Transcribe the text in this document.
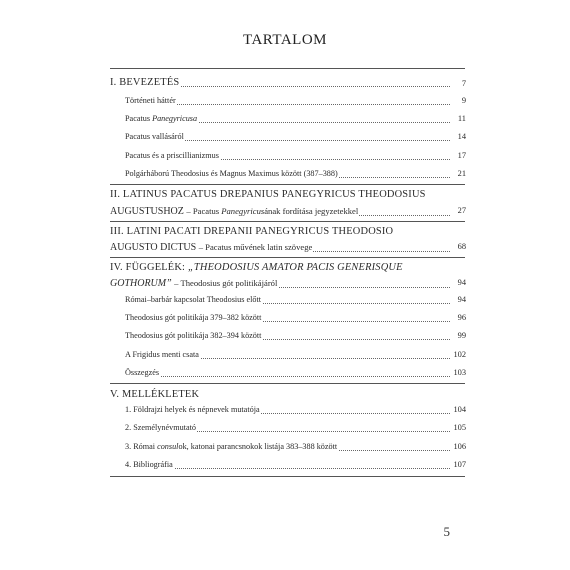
TARTALOM
I. BEVEZETÉS	7
Történeti háttér	9
Pacatus Panegyricusa	11
Pacatus vallásáról	14
Pacatus és a priscillianizmus	17
Polgárháború Theodosius és Magnus Maximus között (387–388)	21
II. LATINUS PACATUS DREPANIUS PANEGYRICUS THEODOSIUS
AUGUSTUSHOZ – Pacatus Panegyricusának fordítása jegyzetekkel	27
III. LATINI PACATI DREPANII PANEGYRICUS THEODOSIO
AUGUSTO DICTUS – Pacatus művének latin szövege	68
IV. FÜGGELÉK: „THEODOSIUS AMATOR PACIS GENERISQUE
GOTHORUM” – Theodosius gót politikájáról	94
Római–barbár kapcsolat Theodosius előtt	94
Theodosius gót politikája 379–382 között	96
Theodosius gót politikája 382–394 között	99
A Frigidus menti csata	102
Összegzés	103
V. MELLÉKLETEK
1. Földrajzi helyek és népnevek mutatója	104
2. Személynévmutató	105
3. Római consulok, katonai parancsnokok listája 383–388 között	106
4. Bibliográfia	107
5
